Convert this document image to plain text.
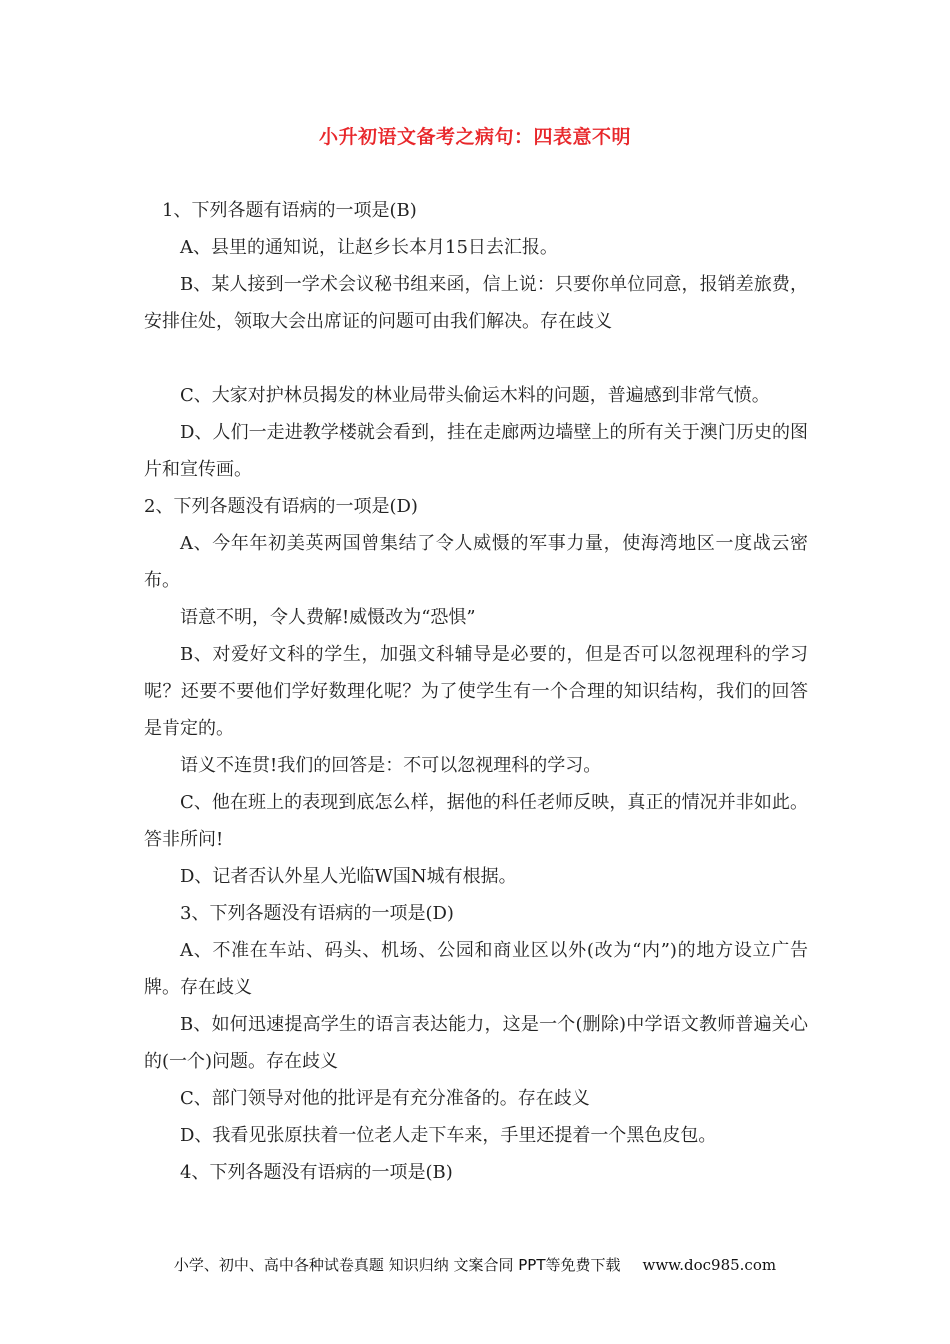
小升初语文备考之病句：四表意不明

1、下列各题有语病的一项是(B)

A、县里的通知说，让赵乡长本月15日去汇报。

B、某人接到一学术会议秘书组来函，信上说：只要你单位同意，报销差旅费，安排住处，领取大会出席证的问题可由我们解决。存在歧义

C、大家对护林员揭发的林业局带头偷运木料的问题，普遍感到非常气愤。

D、人们一走进教学楼就会看到，挂在走廊两边墙壁上的所有关于澳门历史的图片和宣传画。

2、下列各题没有语病的一项是(D)

A、今年年初美英两国曾集结了令人威慑的军事力量，使海湾地区一度战云密布。

语意不明，令人费解!威慑改为“恐惧”

B、对爱好文科的学生，加强文科辅导是必要的，但是否可以忽视理科的学习呢？还要不要他们学好数理化呢？为了使学生有一个合理的知识结构，我们的回答是肯定的。

语义不连贯!我们的回答是：不可以忽视理科的学习。

C、他在班上的表现到底怎么样，据他的科任老师反映，真正的情况并非如此。答非所问!

D、记者否认外星人光临W国N城有根据。

3、下列各题没有语病的一项是(D)

A、不准在车站、码头、机场、公园和商业区以外(改为“内”)的地方设立广告牌。存在歧义

B、如何迅速提高学生的语言表达能力，这是一个(删除)中学语文教师普遍关心的(一个)问题。存在歧义

C、部门领导对他的批评是有充分准备的。存在歧义

D、我看见张原扶着一位老人走下车来，手里还提着一个黑色皮包。

4、下列各题没有语病的一项是(B)

小学、初中、高中各种试卷真题 知识归纳 文案合同 PPT等免费下载 www.doc985.com
